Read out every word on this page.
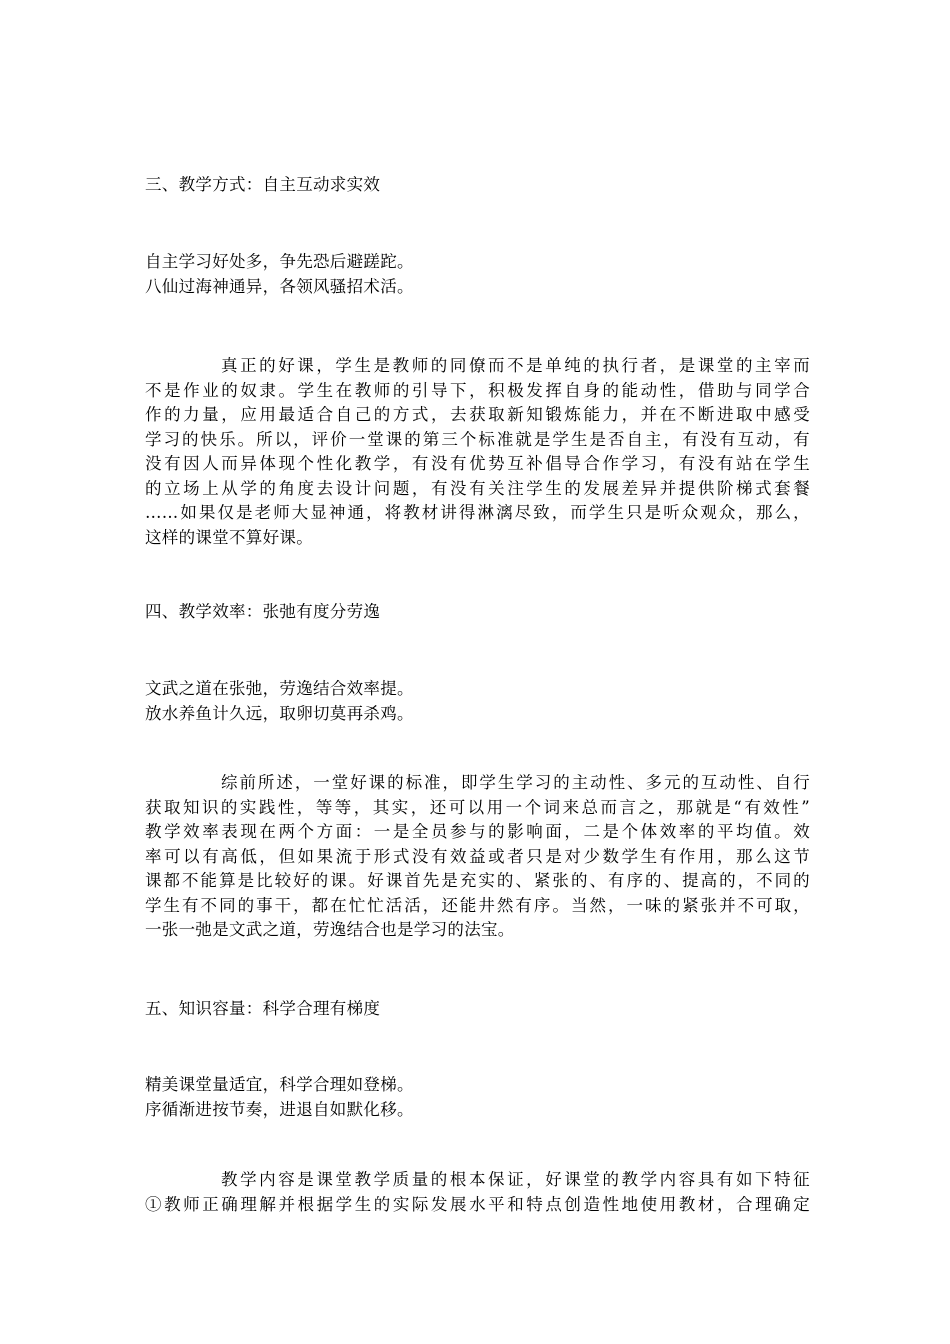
三、教学方式：自主互动求实效
自主学习好处多，争先恐后避蹉跎。
八仙过海神通异，各领风骚招术活。
真正的好课，学生是教师的同僚而不是单纯的执行者，是课堂的主宰而
不是作业的奴隶。学生在教师的引导下，积极发挥自身的能动性，借助与同学合
作的力量，应用最适合自己的方式，去获取新知锻炼能力，并在不断进取中感受
学习的快乐。所以，评价一堂课的第三个标准就是学生是否自主，有没有互动，有
没有因人而异体现个性化教学，有没有优势互补倡导合作学习，有没有站在学生
的立场上从学的角度去设计问题，有没有关注学生的发展差异并提供阶梯式套餐
……如果仅是老师大显神通，将教材讲得淋漓尽致，而学生只是听众观众，那么，
这样的课堂不算好课。
四、教学效率：张弛有度分劳逸
文武之道在张弛，劳逸结合效率提。
放水养鱼计久远，取卵切莫再杀鸡。
综前所述，一堂好课的标准，即学生学习的主动性、多元的互动性、自行
获取知识的实践性，等等，其实，还可以用一个词来总而言之，那就是“有效性”
教学效率表现在两个方面：一是全员参与的影响面，二是个体效率的平均值。效
率可以有高低，但如果流于形式没有效益或者只是对少数学生有作用，那么这节
课都不能算是比较好的课。好课首先是充实的、紧张的、有序的、提高的，不同的
学生有不同的事干，都在忙忙活活，还能井然有序。当然，一味的紧张并不可取，
一张一弛是文武之道，劳逸结合也是学习的法宝。
五、知识容量：科学合理有梯度
精美课堂量适宜，科学合理如登梯。
序循渐进按节奏，进退自如默化移。
教学内容是课堂教学质量的根本保证，好课堂的教学内容具有如下特征
①教师正确理解并根据学生的实际发展水平和特点创造性地使用教材，合理确定
